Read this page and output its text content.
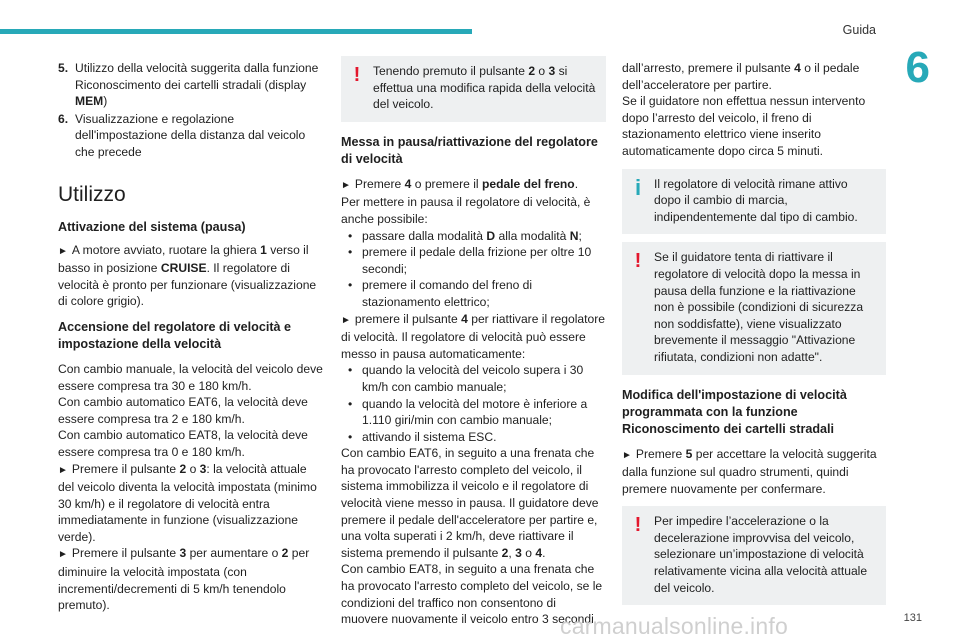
Guida
6
5. Utilizzo della velocità suggerita dalla funzione Riconoscimento dei cartelli stradali (display MEM)
6. Visualizzazione e regolazione dell'impostazione della distanza dal veicolo che precede
Utilizzo
Attivazione del sistema (pausa)

► A motore avviato, ruotare la ghiera 1 verso il basso in posizione CRUISE. Il regolatore di velocità è pronto per funzionare (visualizzazione di colore grigio).

Accensione del regolatore di velocità e impostazione della velocità

Con cambio manuale, la velocità del veicolo deve essere compresa tra 30 e 180 km/h.

Con cambio automatico EAT6, la velocità deve essere compresa tra 2 e 180 km/h.

Con cambio automatico EAT8, la velocità deve essere compresa tra 0 e 180 km/h.

► Premere il pulsante 2 o 3: la velocità attuale del veicolo diventa la velocità impostata (minimo 30 km/h) e il regolatore di velocità entra immediatamente in funzione (visualizzazione verde).

► Premere il pulsante 3 per aumentare o 2 per diminuire la velocità impostata (con incrementi/decrementi di 5 km/h tenendolo premuto).

!	Tenendo premuto il pulsante 2 o 3 si effettua una modifica rapida della velocità del veicolo.

Messa in pausa/riattivazione del regolatore di velocità

► Premere 4 o premere il pedale del freno.

Per mettere in pausa il regolatore di velocità, è anche possibile:

• passare dalla modalità D alla modalità N;
• premere il pedale della frizione per oltre 10 secondi;
• premere il comando del freno di stazionamento elettrico;

► premere il pulsante 4 per riattivare il regolatore di velocità. Il regolatore di velocità può essere messo in pausa automaticamente:

• quando la velocità del veicolo supera i 30 km/h con cambio manuale;
• quando la velocità del motore è inferiore a 1.110 giri/min con cambio manuale;
• attivando il sistema ESC.

Con cambio EAT6, in seguito a una frenata che ha provocato l'arresto completo del veicolo, il sistema immobilizza il veicolo e il regolatore di velocità viene messo in pausa. Il guidatore deve premere il pedale dell'acceleratore per partire e, una volta superati i 2 km/h, deve riattivare il sistema premendo il pulsante 2, 3 o 4.

Con cambio EAT8, in seguito a una frenata che ha provocato l'arresto completo del veicolo, se le condizioni del traffico non consentono di muovere nuovamente il veicolo entro 3 secondi

dall’arresto, premere il pulsante 4 o il pedale dell’acceleratore per partire.

Se il guidatore non effettua nessun intervento dopo l’arresto del veicolo, il freno di stazionamento elettrico viene inserito automaticamente dopo circa 5 minuti.

i	Il regolatore di velocità rimane attivo dopo il cambio di marcia, indipendentemente dal tipo di cambio.

!	Se il guidatore tenta di riattivare il regolatore di velocità dopo la messa in pausa della funzione e la riattivazione non è possibile (condizioni di sicurezza non soddisfatte), viene visualizzato brevemente il messaggio "Attivazione rifiutata, condizioni non adatte".

Modifica dell'impostazione di velocità programmata con la funzione Riconoscimento dei cartelli stradali

► Premere 5 per accettare la velocità suggerita dalla funzione sul quadro strumenti, quindi premere nuovamente per confermare.

!	Per impedire l’accelerazione o la decelerazione improvvisa del veicolo, selezionare un’impostazione di velocità relativamente vicina alla velocità attuale del veicolo.

carmanualsonline.info	131
